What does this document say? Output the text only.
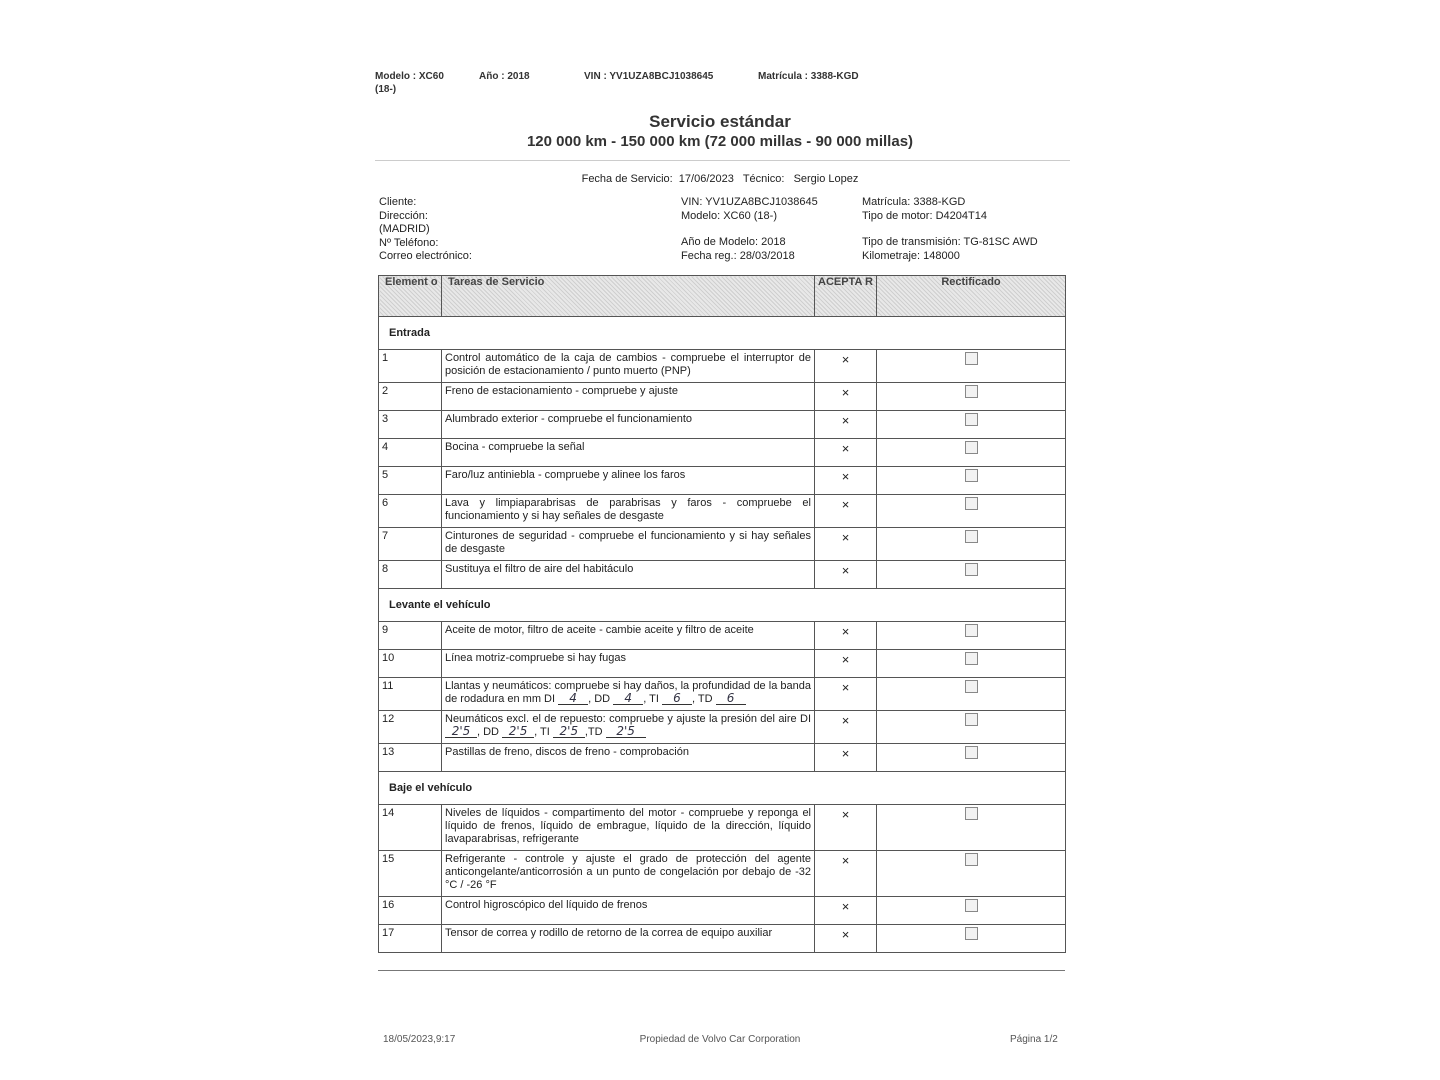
Modelo : XC60
(18-)
Año : 2018	VIN : YV1UZA8BCJ1038645	Matrícula : 3388-KGD
Servicio estándar
120 000 km - 150 000 km (72 000 millas - 90 000 millas)
Fecha de Servicio:  17/06/2023   Técnico:   Sergio Lopez
Cliente:
Dirección:
(MADRID)
Nº Teléfono:
Correo electrónico:
VIN: YV1UZA8BCJ1038645
Modelo: XC60 (18-)
Año de Modelo: 2018
Fecha reg.: 28/03/2018
Matrícula: 3388-KGD
Tipo de motor: D4204T14
Tipo de transmisión: TG-81SC AWD
Kilometraje: 148000
Element o	Tareas de Servicio	ACEPTA R	Rectificado
Entrada			
1	Control automático de la caja de cambios - compruebe el interruptor de posición de estacionamiento / punto muerto (PNP)	×	
2	Freno de estacionamiento - compruebe y ajuste	×	
3	Alumbrado exterior - compruebe el funcionamiento	×	
4	Bocina - compruebe la señal	×	
5	Faro/luz antiniebla - compruebe y alinee los faros	×	
6	Lava y limpiaparabrisas de parabrisas y faros - compruebe el funcionamiento y si hay señales de desgaste	×	
7	Cinturones de seguridad - compruebe el funcionamiento y si hay señales de desgaste	×	
8	Sustituya el filtro de aire del habitáculo	×	
Levante el vehículo			
9	Aceite de motor, filtro de aceite - cambie aceite y filtro de aceite	×	
10	Línea motriz-compruebe si hay fugas	×	
11	Llantas y neumáticos: compruebe si hay daños, la profundidad de la banda de rodadura en mm DI 4 , DD 4 , TI 6 , TD 6	×	
12	Neumáticos excl. el de repuesto: compruebe y ajuste la presión del aire DI 2'5 , DD 2'5 , TI 2'5 ,TD 2'5	×	
13	Pastillas de freno, discos de freno - comprobación	×	
Baje el vehículo			
14	Niveles de líquidos - compartimento del motor - compruebe y reponga el líquido de frenos, líquido de embrague, líquido de la dirección, líquido lavaparabrisas, refrigerante	×	
15	Refrigerante - controle y ajuste el grado de protección del agente anticongelante/anticorrosión a un punto de congelación por debajo de -32 °C / -26 °F	×	
16	Control higroscópico del líquido de frenos	×	
17	Tensor de correa y rodillo de retorno de la correa de equipo auxiliar	×	
18/05/2023,9:17	Propiedad de Volvo Car Corporation	Página 1/2
